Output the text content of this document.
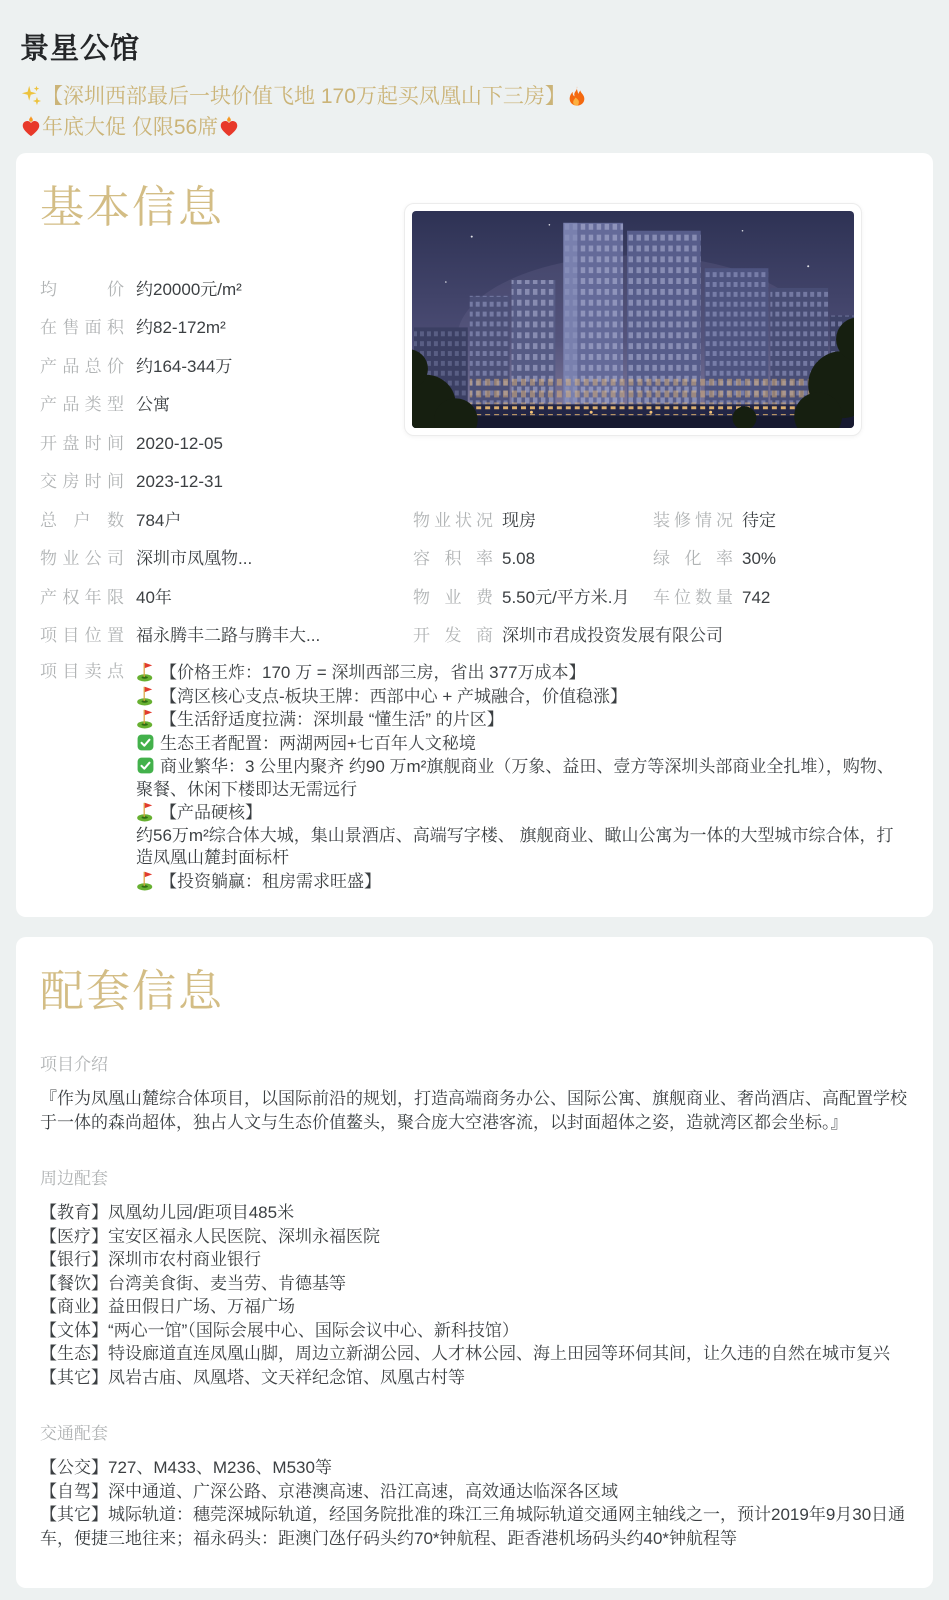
景星公馆
【深圳西部最后一块价值飞地 170万起买凤凰山下三房】
年底大促 仅限56席
基本信息
均价 约20000元/m²
在售面积 约82-172m²
产品总价 约164-344万
产品类型 公寓
开盘时间 2020-12-05
交房时间 2023-12-31
总户数 784户
物业公司 深圳市凤凰物...
产权年限 40年
项目位置 福永腾丰二路与腾丰大...
物业状况 现房
容积率 5.08
物业费 5.50元/平方米.月
开发商 深圳市君成投资发展有限公司
装修情况 待定
绿化率 30%
车位数量 742
项目卖点	【价格王炸：170 万 = 深圳西部三房，省出 377万成本】
【湾区核心支点-板块王牌：西部中心 + 产城融合，价值稳涨】
【生活舒适度拉满：深圳最 “懂生活” 的片区】
生态王者配置：两湖两园+七百年人文秘境
商业繁华：3 公里内聚齐 约90 万m²旗舰商业（万象、益田、壹方等深圳头部商业全扎堆），购物、聚餐、休闲下楼即达无需远行
【产品硬核】
约56万m²综合体大城，集山景酒店、高端写字楼、 旗舰商业、瞰山公寓为一体的大型城市综合体，打造凤凰山麓封面标杆
【投资躺赢：租房需求旺盛】
配套信息
项目介绍
『作为凤凰山麓综合体项目，以国际前沿的规划，打造高端商务办公、国际公寓、旗舰商业、奢尚酒店、高配置学校于一体的森尚超体，独占人文与生态价值鳌头，聚合庞大空港客流，以封面超体之姿，造就湾区都会坐标。』
周边配套
【教育】凤凰幼儿园/距项目485米
【医疗】宝安区福永人民医院、深圳永福医院
【银行】深圳市农村商业银行
【餐饮】台湾美食街、麦当劳、肯德基等
【商业】益田假日广场、万福广场
【文体】“两心一馆”（国际会展中心、国际会议中心、新科技馆）
【生态】特设廊道直连凤凰山脚，周边立新湖公园、人才林公园、海上田园等环伺其间，让久违的自然在城市复兴
【其它】凤岩古庙、凤凰塔、文天祥纪念馆、凤凰古村等
交通配套
【公交】727、M433、M236、M530等
【自驾】深中通道、广深公路、京港澳高速、沿江高速，高效通达临深各区域
【其它】城际轨道：穗莞深城际轨道，经国务院批准的珠江三角城际轨道交通网主轴线之一，预计2019年9月30日通车，便捷三地往来；福永码头：距澳门氹仔码头约70*钟航程、距香港机场码头约40*钟航程等
